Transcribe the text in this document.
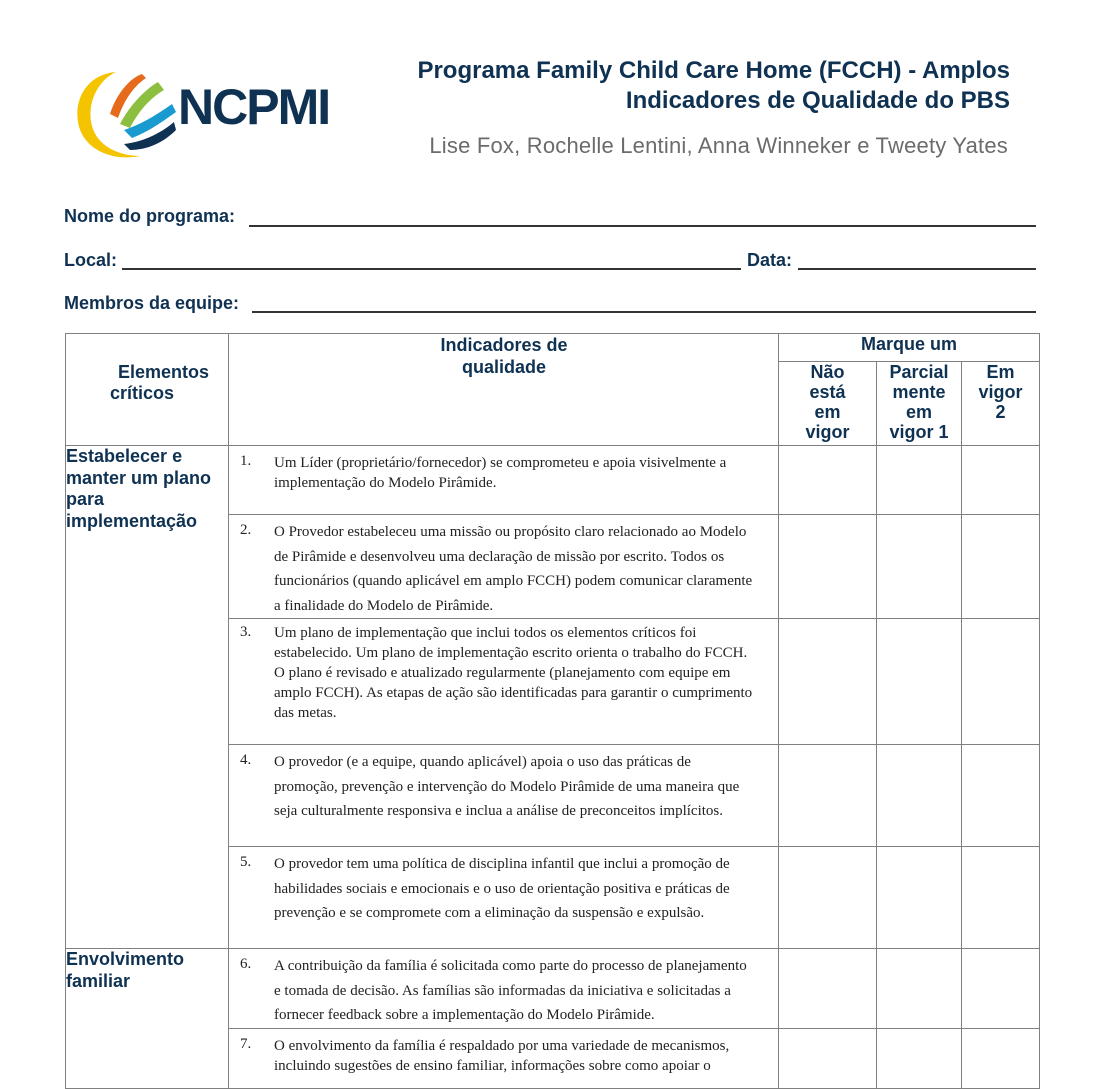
NCPMI
Programa Family Child Care Home (FCCH) - Amplos
Indicadores de Qualidade do PBS
Lise Fox, Rochelle Lentini, Anna Winneker e Tweety Yates
Nome do programa:
Local:	Data:
Membros da equipe:
Elementos críticos	Indicadores de qualidade	Marque um		

		Não está em vigor	Parcial mente em vigor 1	Em vigor 2

Estabelecer e manter um plano para implementação	1. Um Líder (proprietário/fornecedor) se comprometeu e apoia visivelmente a implementação do Modelo Pirâmide.			

	2. O Provedor estabeleceu uma missão ou propósito claro relacionado ao Modelo de Pirâmide e desenvolveu uma declaração de missão por escrito. Todos os funcionários (quando aplicável em amplo FCCH) podem comunicar claramente a finalidade do Modelo de Pirâmide.			

	3. Um plano de implementação que inclui todos os elementos críticos foi estabelecido. Um plano de implementação escrito orienta o trabalho do FCCH. O plano é revisado e atualizado regularmente (planejamento com equipe em amplo FCCH). As etapas de ação são identificadas para garantir o cumprimento das metas.			

	4. O provedor (e a equipe, quando aplicável) apoia o uso das práticas de promoção, prevenção e intervenção do Modelo Pirâmide de uma maneira que seja culturalmente responsiva e inclua a análise de preconceitos implícitos.			

	5. O provedor tem uma política de disciplina infantil que inclui a promoção de habilidades sociais e emocionais e o uso de orientação positiva e práticas de prevenção e se compromete com a eliminação da suspensão e expulsão.			

Envolvimento familiar	6. A contribuição da família é solicitada como parte do processo de planejamento e tomada de decisão. As famílias são informadas da iniciativa e solicitadas a fornecer feedback sobre a implementação do Modelo Pirâmide.			

	7. O envolvimento da família é respaldado por uma variedade de mecanismos, incluindo sugestões de ensino familiar, informações sobre como apoiar o			
